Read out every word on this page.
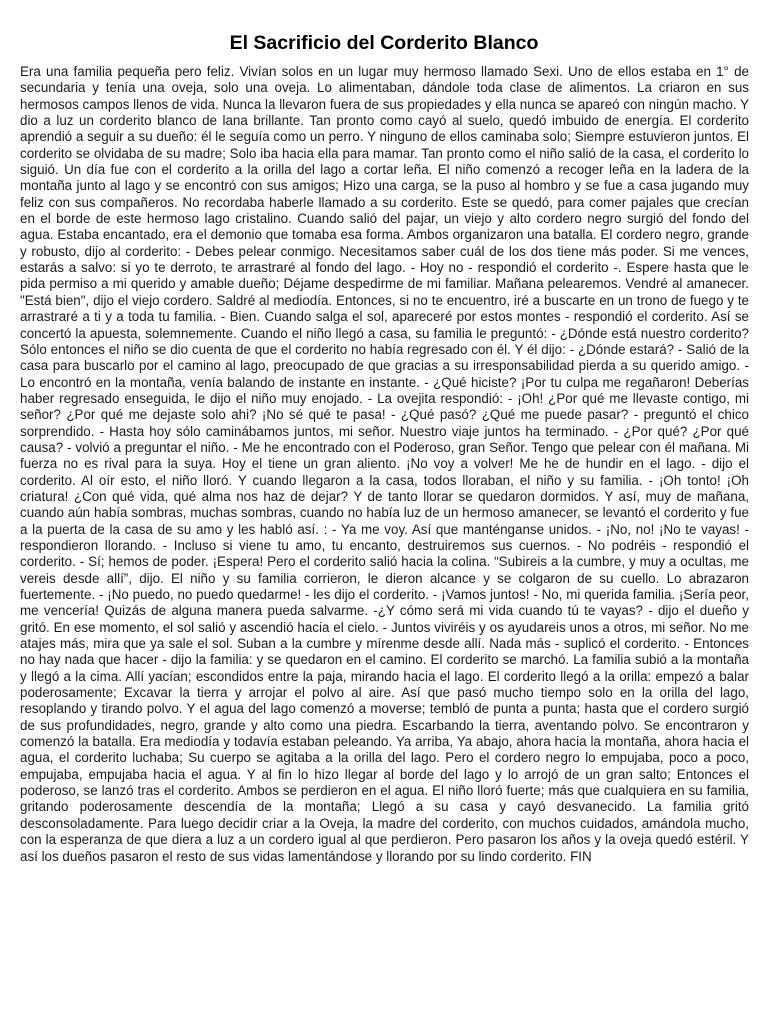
El Sacrificio del Corderito Blanco

Era una familia pequeña pero feliz. Vivían solos en un lugar muy hermoso llamado Sexi. Uno de ellos estaba en 1° de secundaria y tenía una oveja, solo una oveja. Lo alimentaban, dándole toda clase de alimentos. La criaron en sus hermosos campos llenos de vida. Nunca la llevaron fuera de sus propiedades y ella nunca se apareó con ningún macho. Y dio a luz un corderito blanco de lana brillante. Tan pronto como cayó al suelo, quedó imbuido de energía. El corderito aprendió a seguir a su dueño: él le seguía como un perro. Y ninguno de ellos caminaba solo; Siempre estuvieron juntos. El corderito se olvidaba de su madre; Solo iba hacia ella para mamar. Tan pronto como el niño salió de la casa, el corderito lo siguió. Un día fue con el corderito a la orilla del lago a cortar leña. El niño comenzó a recoger leña en la ladera de la montaña junto al lago y se encontró con sus amigos; Hizo una carga, se la puso al hombro y se fue a casa jugando muy feliz con sus compañeros. No recordaba haberle llamado a su corderito. Este se quedó, para comer pajales que crecían en el borde de este hermoso lago cristalino. Cuando salió del pajar, un viejo y alto cordero negro surgió del fondo del agua. Estaba encantado, era el demonio que tomaba esa forma. Ambos organizaron una batalla. El cordero negro, grande y robusto, dijo al corderito: - Debes pelear conmigo. Necesitamos saber cuál de los dos tiene más poder. Si me vences, estarás a salvo: si yo te derroto, te arrastraré al fondo del lago. - Hoy no - respondió el corderito -. Espere hasta que le pida permiso a mi querido y amable dueño; Déjame despedirme de mi familiar. Mañana pelearemos. Vendré al amanecer. "Está bien", dijo el viejo cordero. Saldré al mediodía. Entonces, si no te encuentro, iré a buscarte en un trono de fuego y te arrastraré a ti y a toda tu familia. - Bien. Cuando salga el sol, apareceré por estos montes - respondió el corderito. Así se concertó la apuesta, solemnemente. Cuando el niño llegó a casa, su familia le preguntó: - ¿Dónde está nuestro corderito? Sólo entonces el niño se dio cuenta de que el corderito no había regresado con él. Y él dijo: - ¿Dónde estará? - Salió de la casa para buscarlo por el camino al lago, preocupado de que gracias a su irresponsabilidad pierda a su querido amigo. - Lo encontró en la montaña, venía balando de instante en instante. - ¿Qué hiciste? ¡Por tu culpa me regañaron! Deberías haber regresado enseguida, le dijo el niño muy enojado. - La ovejita respondió: - ¡Oh! ¿Por qué me llevaste contigo, mi señor? ¿Por qué me dejaste solo ahi? ¡No sé qué te pasa! - ¿Qué pasó? ¿Qué me puede pasar? - preguntó el chico sorprendido. - Hasta hoy sólo caminábamos juntos, mi señor. Nuestro viaje juntos ha terminado. - ¿Por qué? ¿Por qué causa? - volvió a preguntar el niño. - Me he encontrado con el Poderoso, gran Señor. Tengo que pelear con él mañana. Mi fuerza no es rival para la suya. Hoy el tiene un gran aliento. ¡No voy a volver! Me he de hundir en el lago. - dijo el corderito. Al oír esto, el niño lloró. Y cuando llegaron a la casa, todos lloraban, el niño y su familia. - ¡Oh tonto! ¡Oh criatura! ¿Con qué vida, qué alma nos haz de dejar? Y de tanto llorar se quedaron dormidos. Y así, muy de mañana, cuando aún había sombras, muchas sombras, cuando no había luz de un hermoso amanecer, se levantó el corderito y fue a la puerta de la casa de su amo y les habló así. : - Ya me voy. Así que manténganse unidos. - ¡No, no! ¡No te vayas! - respondieron llorando. - Incluso si viene tu amo, tu encanto, destruiremos sus cuernos. - No podréis - respondió el corderito. - Sí; hemos de poder. ¡Espera! Pero el corderito salió hacia la colina. “Subireis a la cumbre, y muy a ocultas, me vereis desde allí”, dijo. El niño y su familia corrieron, le dieron alcance y se colgaron de su cuello. Lo abrazaron fuertemente. - ¡No puedo, no puedo quedarme! - les dijo el corderito. - ¡Vamos juntos! - No, mi querida familia. ¡Sería peor, me vencería! Quizás de alguna manera pueda salvarme. -¿Y cómo será mi vida cuando tú te vayas? - dijo el dueño y gritó. En ese momento, el sol salió y ascendió hacia el cielo. - Juntos viviréis y os ayudareis unos a otros, mi señor. No me atajes más, mira que ya sale el sol. Suban a la cumbre y mírenme desde allí. Nada más - suplicó el corderito. - Entonces no hay nada que hacer - dijo la familia: y se quedaron en el camino. El corderito se marchó. La familia subió a la montaña y llegó a la cima. Allí yacían; escondidos entre la paja, mirando hacia el lago. El corderito llegó a la orilla: empezó a balar poderosamente; Excavar la tierra y arrojar el polvo al aire. Así que pasó mucho tiempo solo en la orilla del lago, resoplando y tirando polvo. Y el agua del lago comenzó a moverse; tembló de punta a punta; hasta que el cordero surgió de sus profundidades, negro, grande y alto como una piedra. Escarbando la tierra, aventando polvo. Se encontraron y comenzó la batalla. Era mediodía y todavía estaban peleando. Ya arriba, Ya abajo, ahora hacia la montaña, ahora hacia el agua, el corderito luchaba; Su cuerpo se agitaba a la orilla del lago. Pero el cordero negro lo empujaba, poco a poco, empujaba, empujaba hacia el agua. Y al fin lo hizo llegar al borde del lago y lo arrojó de un gran salto; Entonces el poderoso, se lanzó tras el corderito. Ambos se perdieron en el agua. El niño lloró fuerte; más que cualquiera en su familia, gritando poderosamente descendía de la montaña; Llegó a su casa y cayó desvanecido. La familia gritó desconsoladamente. Para luego decidir criar a la Oveja, la madre del corderito, con muchos cuidados, amándola mucho, con la esperanza de que diera a luz a un cordero igual al que perdieron. Pero pasaron los años y la oveja quedó estéril. Y así los dueños pasaron el resto de sus vidas lamentándose y llorando por su lindo corderito. FIN
